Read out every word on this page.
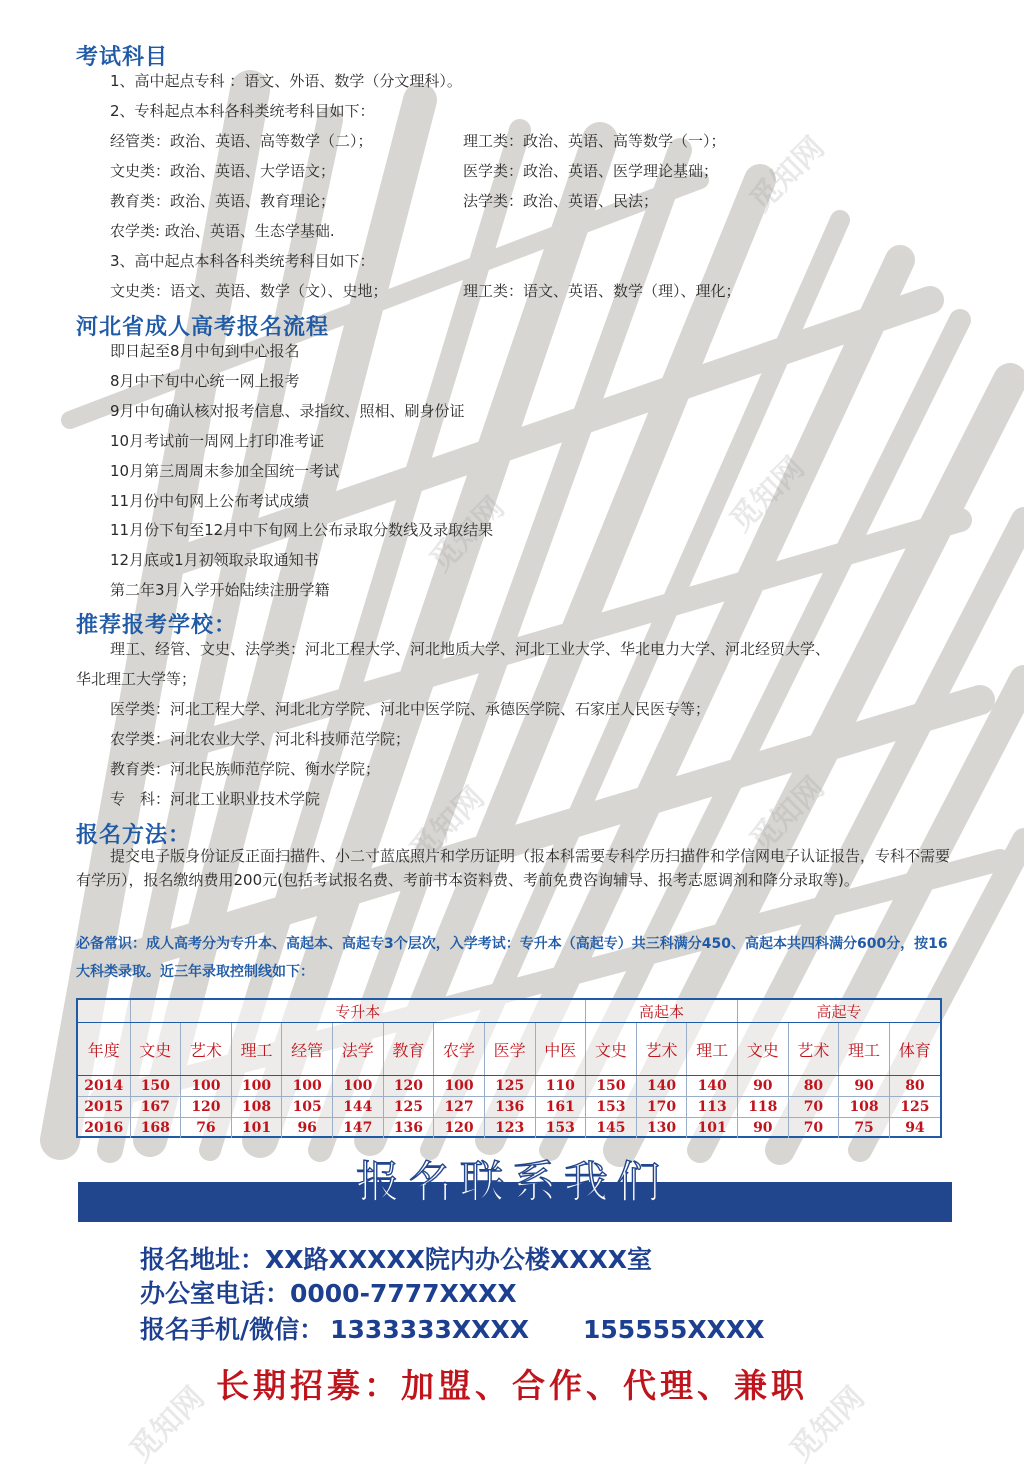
考试科目
1、高中起点专科 ：语文、外语、数学（分文理科）。
2、专科起点本科各科类统考科目如下：
经管类：政治、英语、高等数学（二）；	理工类：政治、英语、高等数学（一）；
文史类：政治、英语、大学语文；	医学类：政治、英语、医学理论基础；
教育类：政治、英语、教育理论；	法学类：政治、英语、民法；
农学类: 政治、英语、生态学基础.
3、高中起点本科各科类统考科目如下：
文史类：语文、英语、数学（文）、史地；	理工类：语文、英语、数学（理）、理化；
河北省成人高考报名流程
即日起至8月中旬到中心报名
8月中下旬中心统一网上报考
9月中旬确认核对报考信息、录指纹、照相、刷身份证
10月考试前一周网上打印准考证
10月第三周周末参加全国统一考试
11月份中旬网上公布考试成绩
11月份下旬至12月中下旬网上公布录取分数线及录取结果
12月底或1月初领取录取通知书
第二年3月入学开始陆续注册学籍
推荐报考学校：
理工、经管、文史、法学类：河北工程大学、河北地质大学、河北工业大学、华北电力大学、河北经贸大学、
华北理工大学等；
医学类：河北工程大学、河北北方学院、河北中医学院、承德医学院、石家庄人民医专等；
农学类：河北农业大学、河北科技师范学院；
教育类：河北民族师范学院、衡水学院；
专　科：河北工业职业技术学院
报名方法：
提交电子版身份证反正面扫描件、小二寸蓝底照片和学历证明（报本科需要专科学历扫描件和学信网电子认证报告，专科不需要有学历），报名缴纳费用200元(包括考试报名费、考前书本资料费、考前免费咨询辅导、报考志愿调剂和降分录取等)。
必备常识：成人高考分为专升本、高起本、高起专3个层次，入学考试：专升本（高起专）共三科满分450、高起本共四科满分600分，按16大科类录取。近三年录取控制线如下：
	专升本									高起本			高起专			
年度	文史	艺术	理工	经管	法学	教育	农学	医学	中医	文史	艺术	理工	文史	艺术	理工	体育
2014	150	100	100	100	100	120	100	125	110	150	140	140	90	80	90	80
2015	167	120	108	105	144	125	127	136	161	153	170	113	118	70	108	125
2016	168	76	101	96	147	136	120	123	153	145	130	101	90	70	75	94
报名联系我们
报名地址：XX路XXXXX院内办公楼XXXX室
办公室电话：0000-7777XXXX
报名手机/微信： 1333333XXXX 155555XXXX
长期招募：加盟、合作、代理、兼职
觅知网
觅知网
觅知网
觅知网
觅知网
觅知网	觅知网
